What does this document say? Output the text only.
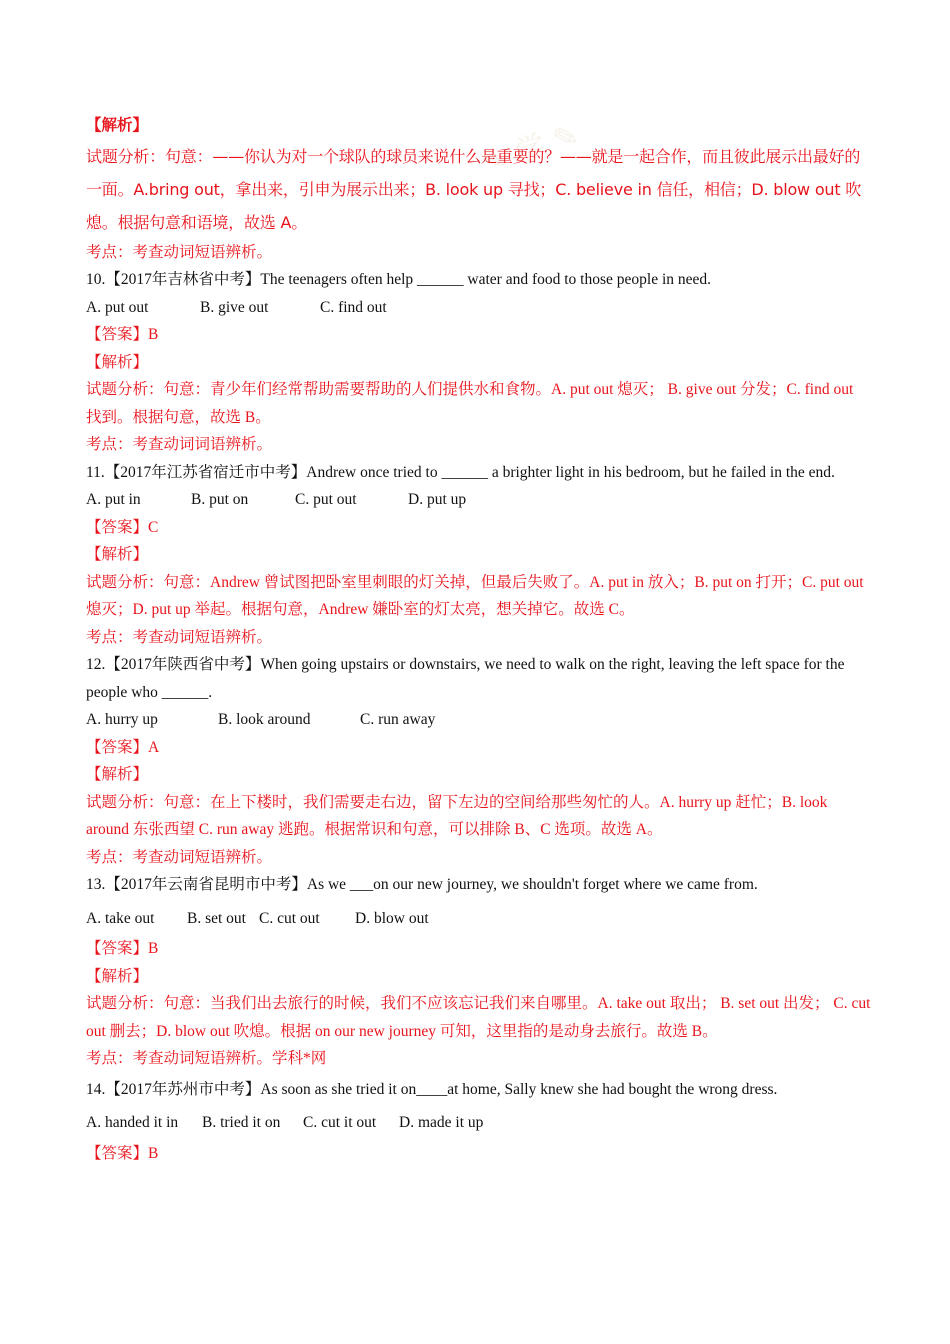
✎ 学 ✎
【解析】
试题分析：句意：——你认为对一个球队的球员来说什么是重要的？——就是一起合作，而且彼此展示出最好的一面。A.bring out，拿出来，引申为展示出来；B. look up 寻找；C. believe in 信任，相信；D. blow out 吹熄。根据句意和语境，故选 A。
考点：考查动词短语辨析。
10.【2017年吉林省中考】The teenagers often help ______ water and food to those people in need.
A. put out	B. give out	C. find out
【答案】B
【解析】
试题分析：句意：青少年们经常帮助需要帮助的人们提供水和食物。A. put out 熄灭； B. give out 分发；C. find out 找到。根据句意，故选 B。
考点：考查动词词语辨析。
11.【2017年江苏省宿迁市中考】Andrew once tried to ______ a brighter light in his bedroom, but he failed in the end.
A. put in	B. put on	C. put out	D. put up
【答案】C
【解析】
试题分析：句意：Andrew 曾试图把卧室里刺眼的灯关掉，但最后失败了。A. put in 放入；B. put on 打开；C. put out 熄灭；D. put up 举起。根据句意，Andrew 嫌卧室的灯太亮，想关掉它。故选 C。
考点：考查动词短语辨析。
12.【2017年陕西省中考】When going upstairs or downstairs, we need to walk on the right, leaving the left space for the people who ______.
A. hurry up	B. look around	C. run away
【答案】A
【解析】
试题分析：句意：在上下楼时，我们需要走右边，留下左边的空间给那些匆忙的人。A. hurry up 赶忙；B. look around 东张西望 C. run away 逃跑。根据常识和句意，可以排除 B、C 选项。故选 A。
考点：考查动词短语辨析。
13.【2017年云南省昆明市中考】As we ___on our new journey, we shouldn't forget where we came from.
A. take out B. set out C. cut out D. blow out
【答案】B
【解析】
试题分析：句意：当我们出去旅行的时候，我们不应该忘记我们来自哪里。A. take out 取出； B. set out 出发； C. cut out 删去；D. blow out 吹熄。根据 on our new journey 可知，这里指的是动身去旅行。故选 B。
考点：考查动词短语辨析。学科*网
14.【2017年苏州市中考】As soon as she tried it on____at home, Sally knew she had bought the wrong dress.
A. handed it in B. tried it on C. cut it out D. made it up
【答案】B
